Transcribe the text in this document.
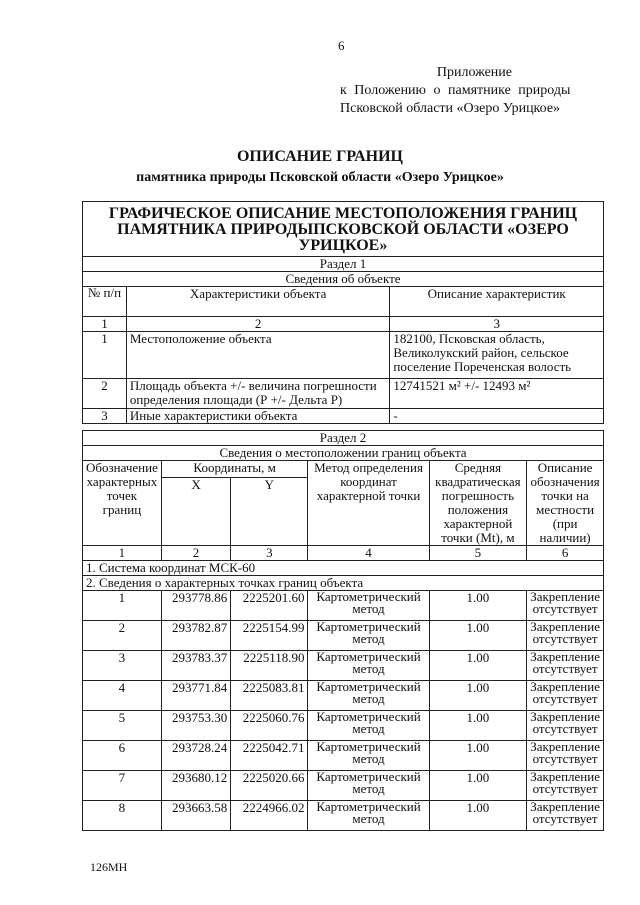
6
Приложение
к Положению о памятнике природы
Псковской области «Озеро Урицкое»
ОПИСАНИЕ ГРАНИЦ
памятника природы Псковской области «Озеро Урицкое»
ГРАФИЧЕСКОЕ ОПИСАНИЕ МЕСТОПОЛОЖЕНИЯ ГРАНИЦ
ПАМЯТНИКА ПРИРОДЫПСКОВСКОЙ ОБЛАСТИ «ОЗЕРО УРИЦКОЕ»		

Раздел 1		
Сведения об объекте		
№ п/п	Характеристики объекта	Описание характеристик
1	2	3
1	Местоположение объекта	182100, Псковская область, Великолукский район, сельское поселение Пореченская волость
2	Площадь объекта +/- величина погрешности определения площади (Р +/- Дельта Р)	12741521 м² +/- 12493 м²
3	Иные характеристики объекта	-
Раздел 2					
Сведения о местоположении границ объекта					
Обозначение характерных точек границ	Координаты, м		Метод определения координат характерной точки	Средняя квадратическая погрешность положения характерной точки (Mt), м	Описание обозначения точки на местности (при наличии)
	X	Y			
1	2	3	4	5	6
1. Система координат МСК-60					
2. Сведения о характерных точках границ объекта					
1	293778.86	2225201.60	Картометрический метод	1.00	Закрепление отсутствует
2	293782.87	2225154.99	Картометрический метод	1.00	Закрепление отсутствует
3	293783.37	2225118.90	Картометрический метод	1.00	Закрепление отсутствует
4	293771.84	2225083.81	Картометрический метод	1.00	Закрепление отсутствует
5	293753.30	2225060.76	Картометрический метод	1.00	Закрепление отсутствует
6	293728.24	2225042.71	Картометрический метод	1.00	Закрепление отсутствует
7	293680.12	2225020.66	Картометрический метод	1.00	Закрепление отсутствует
8	293663.58	2224966.02	Картометрический метод	1.00	Закрепление отсутствует
126МН
